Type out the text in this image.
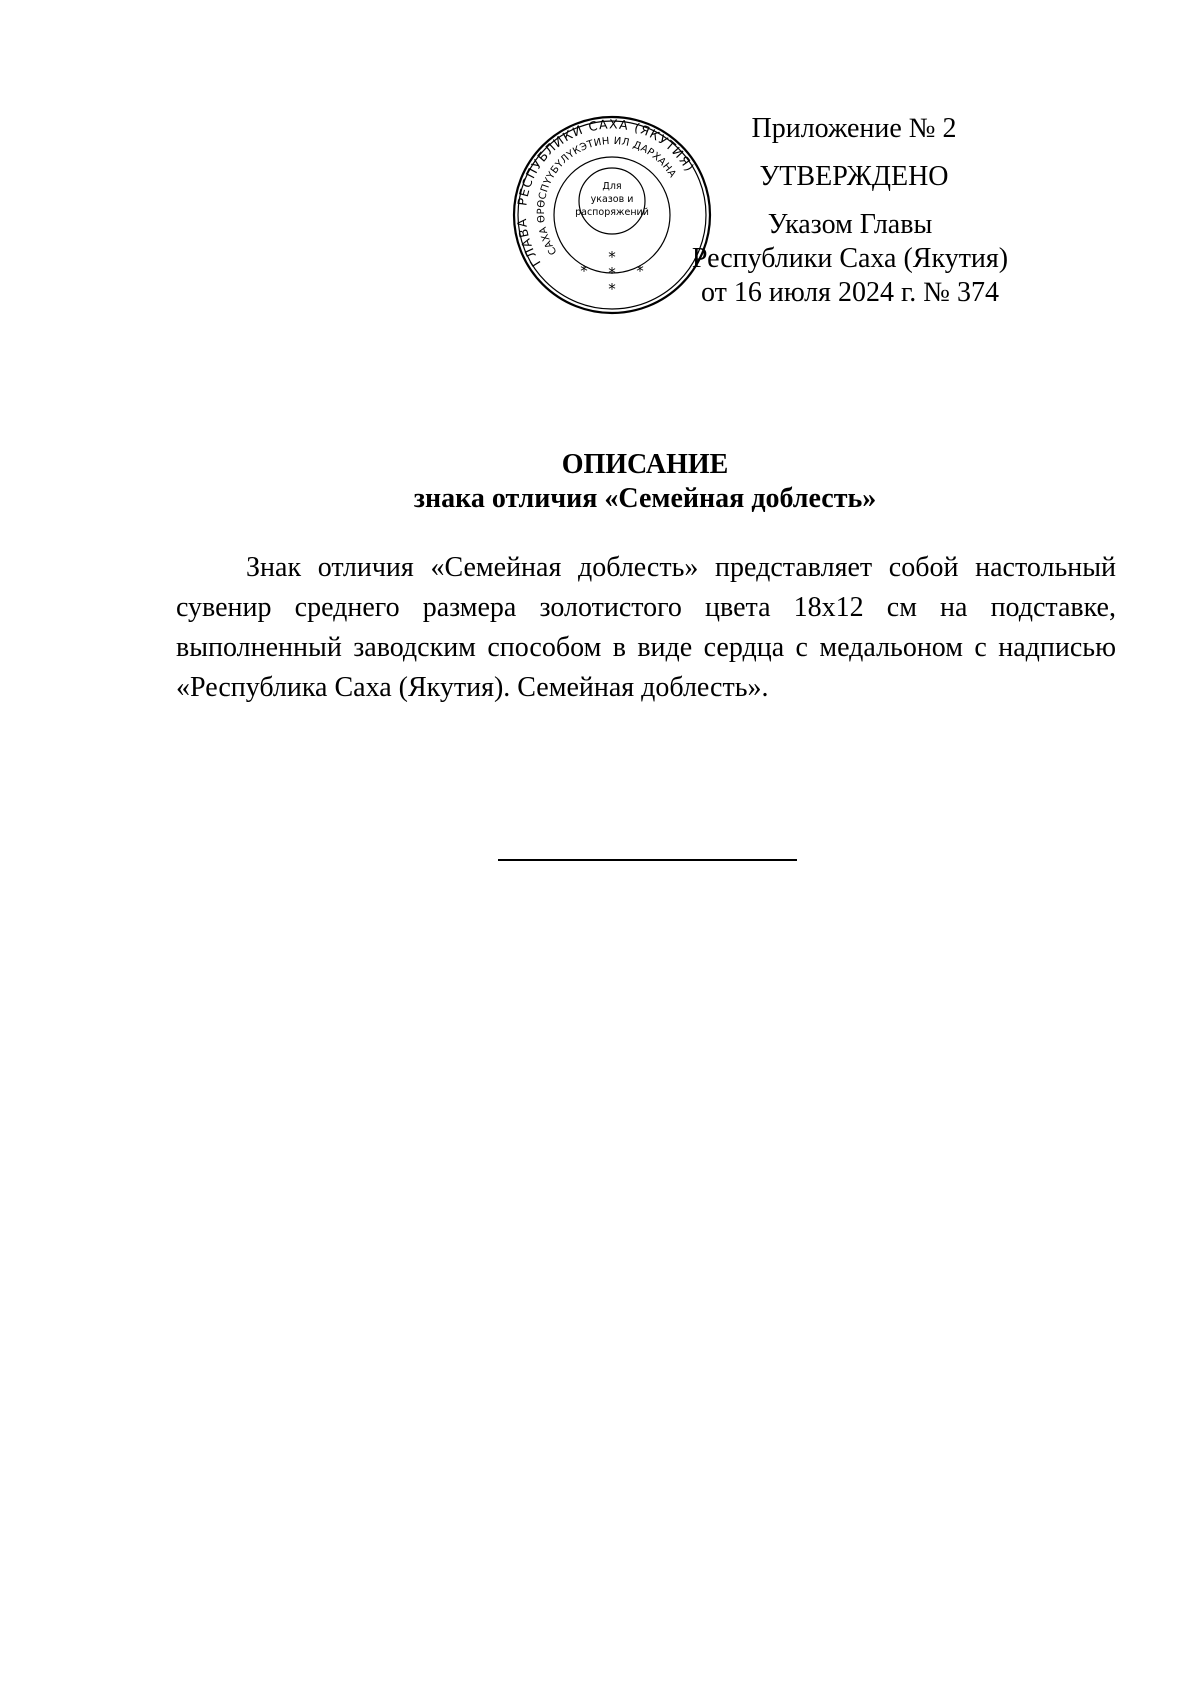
ГЛАВА
РЕСПУБЛИКИ САХА (ЯКУТИЯ)
САХА ӨРӨСПҮҮБҮЛҮКЭТИН ИЛ ДАРХАНА
Для
указов и
распоряжений
*
*
*	*
*
Приложение № 2
УТВЕРЖДЕНО
Указом Главы
Республики Саха (Якутия)
от 16 июля 2024 г. № 374
ОПИСАНИЕ
знака отличия «Семейная доблесть»

Знак отличия «Семейная доблесть» представляет собой настольный сувенир среднего размера золотистого цвета 18х12 см на подставке, выполненный заводским способом в виде сердца с медальоном с надписью «Республика Саха (Якутия). Семейная доблесть».
